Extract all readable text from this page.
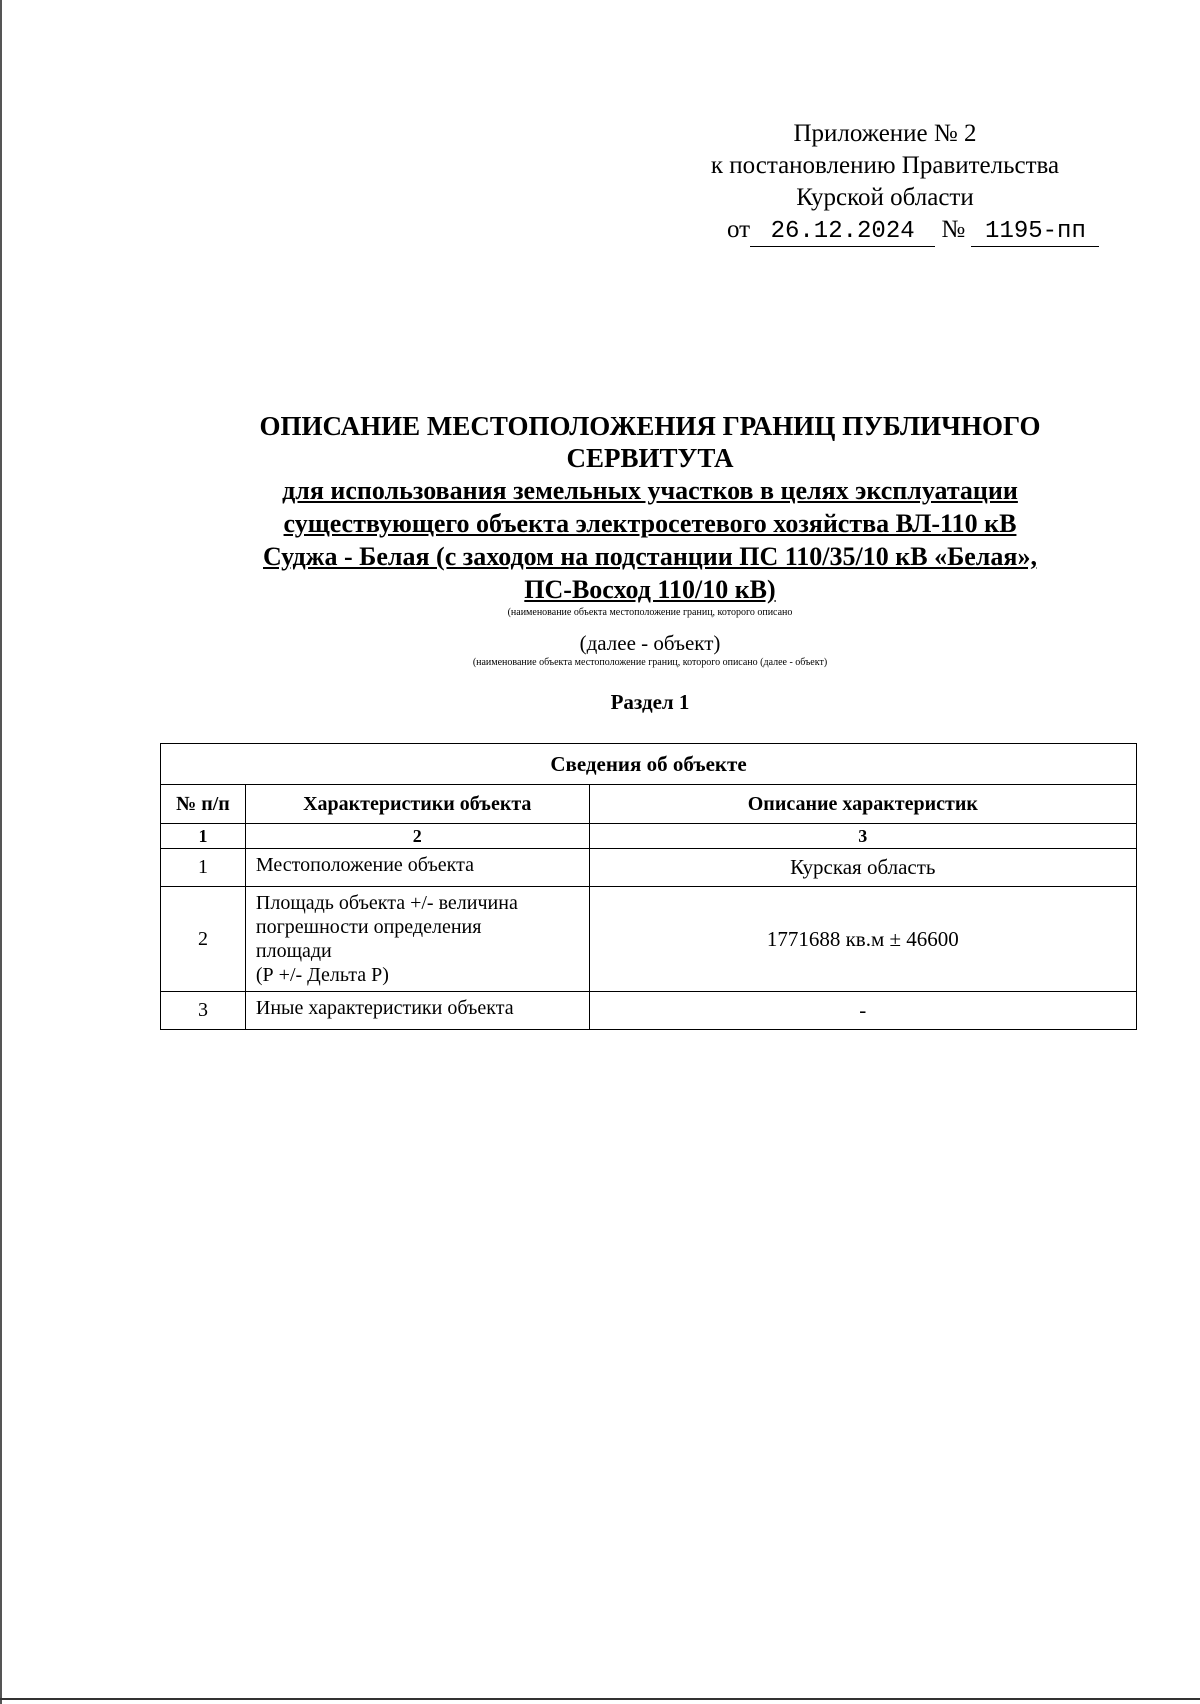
Приложение № 2
к постановлению Правительства
Курской области
от 26.12.2024 № 1195-пп
ОПИСАНИЕ МЕСТОПОЛОЖЕНИЯ ГРАНИЦ ПУБЛИЧНОГО
СЕРВИТУТА
для использования земельных участков в целях эксплуатации
существующего объекта электросетевого хозяйства ВЛ-110 кВ
Суджа - Белая (с заходом на подстанции ПС 110/35/10 кВ «Белая»,
ПС-Восход 110/10 кВ)
(наименование объекта местоположение границ, которого описано
(далее - объект)
(наименование объекта местоположение границ, которого описано (далее - объект)
Раздел 1
Сведения об объекте		
№ п/п	Характеристики объекта	Описание характеристик
1	2	3
1	Местоположение объекта	Курская область
2	Площадь объекта +/- величина
погрешности определения
площади
(Р +/- Дельта Р)	1771688 кв.м ± 46600
3	Иные характеристики объекта	-
